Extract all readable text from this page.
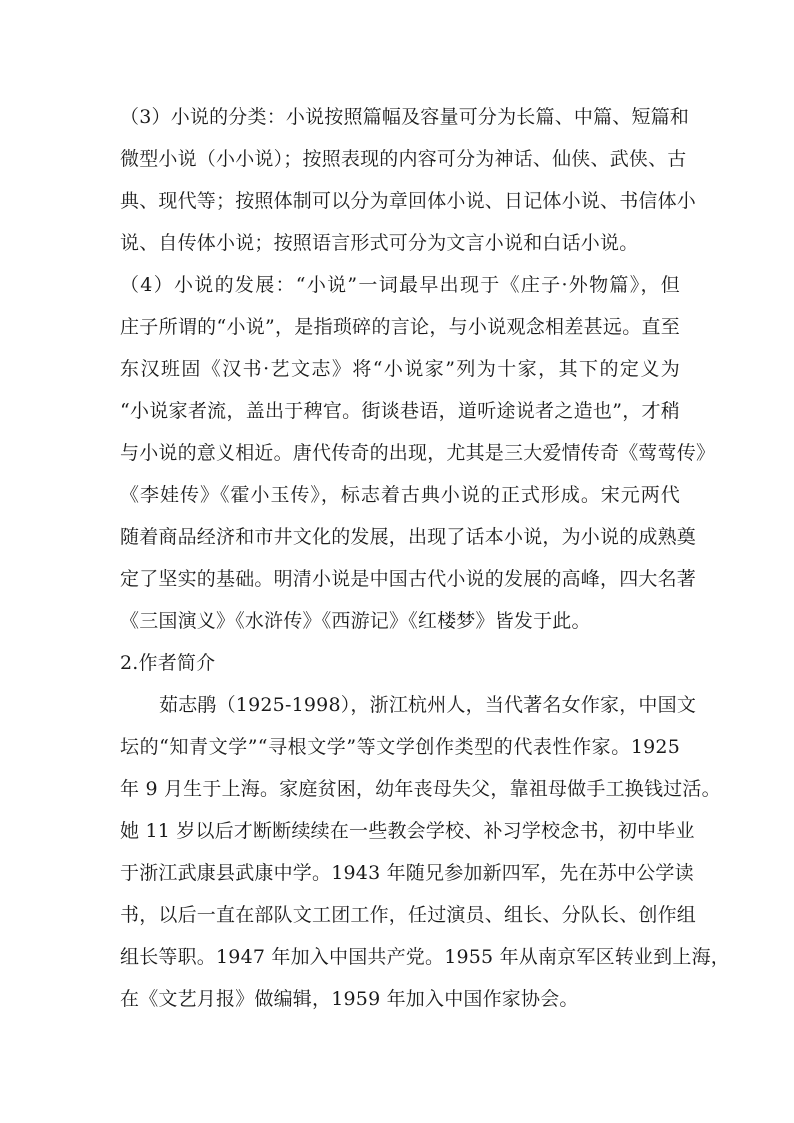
（3）小说的分类：小说按照篇幅及容量可分为长篇、中篇、短篇和
微型小说（小小说）；按照表现的内容可分为神话、仙侠、武侠、古
典、现代等；按照体制可以分为章回体小说、日记体小说、书信体小
说、自传体小说；按照语言形式可分为文言小说和白话小说。
（4）小说的发展：“小说”一词最早出现于《庄子·外物篇》，但
庄子所谓的“小说”，是指琐碎的言论，与小说观念相差甚远。直至
东汉班固《汉书·艺文志》将“小说家”列为十家，其下的定义为
“小说家者流，盖出于稗官。街谈巷语，道听途说者之造也”，才稍
与小说的意义相近。唐代传奇的出现，尤其是三大爱情传奇《莺莺传》
《李娃传》《霍小玉传》，标志着古典小说的正式形成。宋元两代
随着商品经济和市井文化的发展，出现了话本小说，为小说的成熟奠
定了坚实的基础。明清小说是中国古代小说的发展的高峰，四大名著
《三国演义》《水浒传》《西游记》《红楼梦》皆发于此。
2.作者简介
茹志鹃（1925-1998），浙江杭州人，当代著名女作家，中国文
坛的“知青文学”“寻根文学”等文学创作类型的代表性作家。1925
年 9 月生于上海。家庭贫困，幼年丧母失父，靠祖母做手工换钱过活。
她 11 岁以后才断断续续在一些教会学校、补习学校念书，初中毕业
于浙江武康县武康中学。1943 年随兄参加新四军，先在苏中公学读
书，以后一直在部队文工团工作，任过演员、组长、分队长、创作组
组长等职。1947 年加入中国共产党。1955 年从南京军区转业到上海，
在《文艺月报》做编辑，1959 年加入中国作家协会。
